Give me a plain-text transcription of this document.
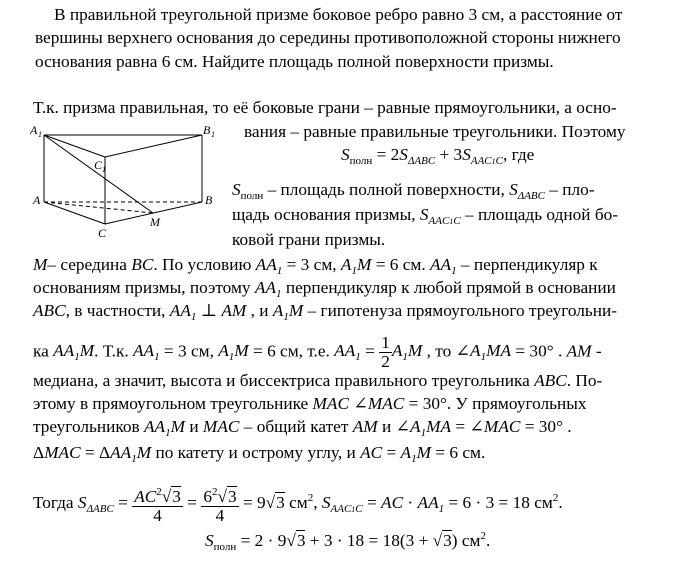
В правильной треугольной призме боковое ребро равно 3 см, а расстояние от
вершины верхнего основания до середины противоположной стороны нижнего
основания равна 6 см. Найдите площадь полной поверхности призмы.
A 1	B 1
C 1
A	B
C
M
Т.к. призма правильная, то её боковые грани – равные прямоугольники, а осно-
вания – равные правильные треугольники. Поэтому
$S_{полн} = 2S_{\Delta ABC} + 3S_{AAC1C}$, где
$S_{полн}$ – площадь полной поверхности, $S_{\Delta ABC} - пло-$
щадь основания призмы, $S_{AAC1C}$ – площадь одной бо-
ковой грани призмы.
M– середина BC. По условию $AA_1 = 3$ см, $A_1M = 6$ см. $AA_1$ – перпендикуляр к
основаниям призмы, поэтому $AA_1$ перпендикуляр к любой прямой в основании
ABC, в частности, $AA_1$ ⊥ AM , и $A_1M$ – гипотенуза прямоугольного треугольни-
ка $AA_1M$. Т.к. $AA_1 = 3$ см, $A_1M = 6$ см, т.е. $AA_1 = \frac{1}{2} A_1M$ , то $\angle A_1MA = 30^\circ$ . AM -
медиана, а значит, высота и биссектриса правильного треугольника ABC. По-
этому в прямоугольном треугольнике MAC ∠MAC = 30°. У прямоугольных
треугольников $AA_1M$ и MAC – общий катет AM и $\angle A_1MA$ = ∠MAC = 30° .
$\Delta MAC = \Delta AA_1M$ по катету и острому углу, и AC = $A_1M = 6$ см.
Тогда $S_{\Delta ABC} = \frac{AC^2√3}{4} = \frac{6^2√3}{4} = 9√3$ $см^2$, $S_{AAC1C}$ = AC · $AA_1 = 6 \cdot 3 = 18$ $см^2$.
$S_{полн} = 2 \cdot 9√3 + 3 \cdot 18 = 18(3 + √3)$ $см^2$.
